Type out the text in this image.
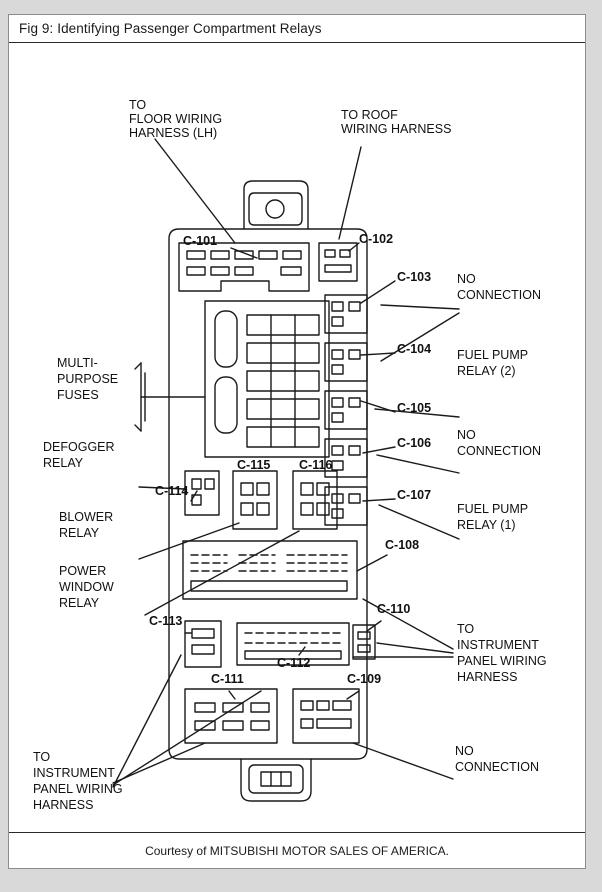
Fig 9: Identifying Passenger Compartment Relays
TO
FLOOR WIRING
HARNESS (LH)
TO ROOF
WIRING HARNESS
C-101	C-102
C-103
C-104
C-105
C-106
C-107
C-108
C-109
C-110
C-111
C-112
C-113
C-114
C-115 C-116
MULTI-
PURPOSE
FUSES
DEFOGGER
RELAY
BLOWER
RELAY
POWER
WINDOW
RELAY
NO
CONNECTION
FUEL PUMP
RELAY (2)
NO
CONNECTION
FUEL PUMP
RELAY (1)
TO
INSTRUMENT
PANEL WIRING
HARNESS
TO
INSTRUMENT
PANEL WIRING
HARNESS
NO
CONNECTION
Courtesy of MITSUBISHI MOTOR SALES OF AMERICA.
